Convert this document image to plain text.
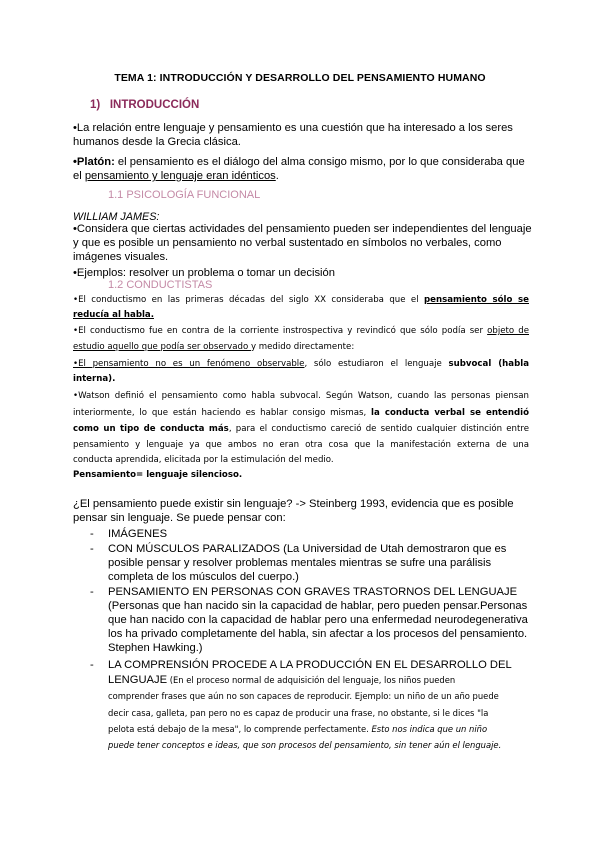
TEMA 1: INTRODUCCIÓN Y DESARROLLO DEL PENSAMIENTO HUMANO
1) INTRODUCCIÓN
•La relación entre lenguaje y pensamiento es una cuestión que ha interesado a los seres
humanos desde la Grecia clásica.
•Platón: el pensamiento es el diálogo del alma consigo mismo, por lo que consideraba que
el pensamiento y lenguaje eran idénticos.
1.1 PSICOLOGÍA FUNCIONAL
WILLIAM JAMES:
•Considera que ciertas actividades del pensamiento pueden ser independientes del lenguaje
y que es posible un pensamiento no verbal sustentado en símbolos no verbales, como
imágenes visuales.
•Ejemplos: resolver un problema o tomar un decisión
1.2 CONDUCTISTAS
•El conductismo en las primeras décadas del siglo XX consideraba que el pensamiento sólo se
reducía al habla.
•El conductismo fue en contra de la corriente instrospectiva y revindicó que sólo podía ser objeto de
estudio aquello que podía ser observado y medido directamente:
•El pensamiento no es un fenómeno observable, sólo estudiaron el lenguaje subvocal (habla
interna).
•Watson definió el pensamiento como habla subvocal. Según Watson, cuando las personas piensan
interiormente, lo que están haciendo es hablar consigo mismas, la conducta verbal se entendió
como un tipo de conducta más, para el conductismo careció de sentido cualquier distinción entre
pensamiento y lenguaje ya que ambos no eran otra cosa que la manifestación externa de una
conducta aprendida, elicitada por la estimulación del medio.
Pensamiento= lenguaje silencioso.
¿El pensamiento puede existir sin lenguaje? -> Steinberg 1993, evidencia que es posible
pensar sin lenguaje. Se puede pensar con:
- IMÁGENES
- CON MÚSCULOS PARALIZADOS (La Universidad de Utah demostraron que es
posible pensar y resolver problemas mentales mientras se sufre una parálisis
completa de los músculos del cuerpo.)
- PENSAMIENTO EN PERSONAS CON GRAVES TRASTORNOS DEL LENGUAJE
(Personas que han nacido sin la capacidad de hablar, pero pueden pensar.Personas
que han nacido con la capacidad de hablar pero una enfermedad neurodegenerativa
los ha privado completamente del habla, sin afectar a los procesos del pensamiento.
Stephen Hawking.)
- LA COMPRENSIÓN PROCEDE A LA PRODUCCIÓN EN EL DESARROLLO DEL
LENGUAJE (En el proceso normal de adquisición del lenguaje, los niños pueden
comprender frases que aún no son capaces de reproducir. Ejemplo: un niño de un año puede
decir casa, galleta, pan pero no es capaz de producir una frase, no obstante, si le dices "la
pelota está debajo de la mesa", lo comprende perfectamente. Esto nos indica que un niño
puede tener conceptos e ideas, que son procesos del pensamiento, sin tener aún el lenguaje.
